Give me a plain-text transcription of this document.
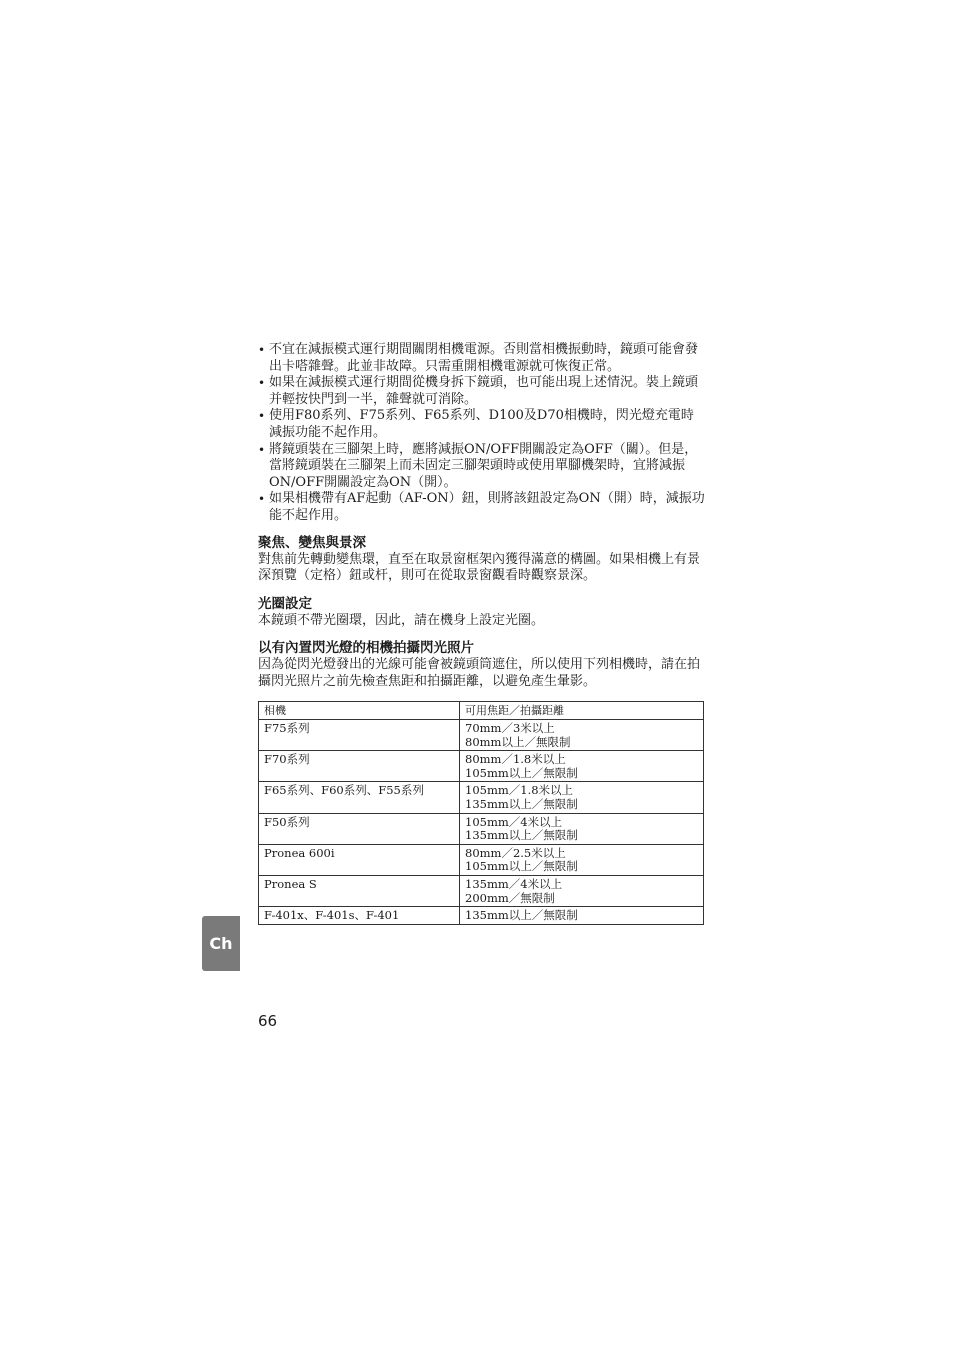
• 不宜在減振模式運行期間關閉相機電源。否則當相機振動時，鏡頭可能會發出卡嗒雜聲。此並非故障。只需重開相機電源就可恢復正常。
• 如果在減振模式運行期間從機身拆下鏡頭，也可能出現上述情況。裝上鏡頭并輕按快門到一半，雜聲就可消除。
• 使用F80系列、F75系列、F65系列、D100及D70相機時，閃光燈充電時減振功能不起作用。
• 將鏡頭裝在三腳架上時，應將減振ON/OFF開關設定為OFF（關）。但是，當將鏡頭裝在三腳架上而未固定三腳架頭時或使用單腳機架時，宜將減振ON/OFF開關設定為ON（開）。
• 如果相機帶有AF起動（AF-ON）鈕，則將該鈕設定為ON（開）時，減振功能不起作用。
聚焦、變焦與景深

對焦前先轉動變焦環，直至在取景窗框架內獲得滿意的構圖。如果相機上有景深預覽（定格）鈕或杆，則可在從取景窗觀看時觀察景深。

光圈設定

本鏡頭不帶光圈環，因此，請在機身上設定光圈。

以有內置閃光燈的相機拍攝閃光照片

因為從閃光燈發出的光線可能會被鏡頭筒遮住，所以使用下列相機時，請在拍攝閃光照片之前先檢查焦距和拍攝距離，以避免產生暈影。

相機	可用焦距／拍攝距離
F75系列	70mm／3米以上
80mm以上／無限制

F70系列	80mm／1.8米以上
105mm以上／無限制

F65系列、F60系列、F55系列	105mm／1.8米以上
135mm以上／無限制

F50系列	105mm／4米以上
135mm以上／無限制

Pronea 600i	80mm／2.5米以上
105mm以上／無限制

Pronea S	135mm／4米以上
200mm／無限制

F-401x、F-401s、F-401	135mm以上／無限制
Ch
66
